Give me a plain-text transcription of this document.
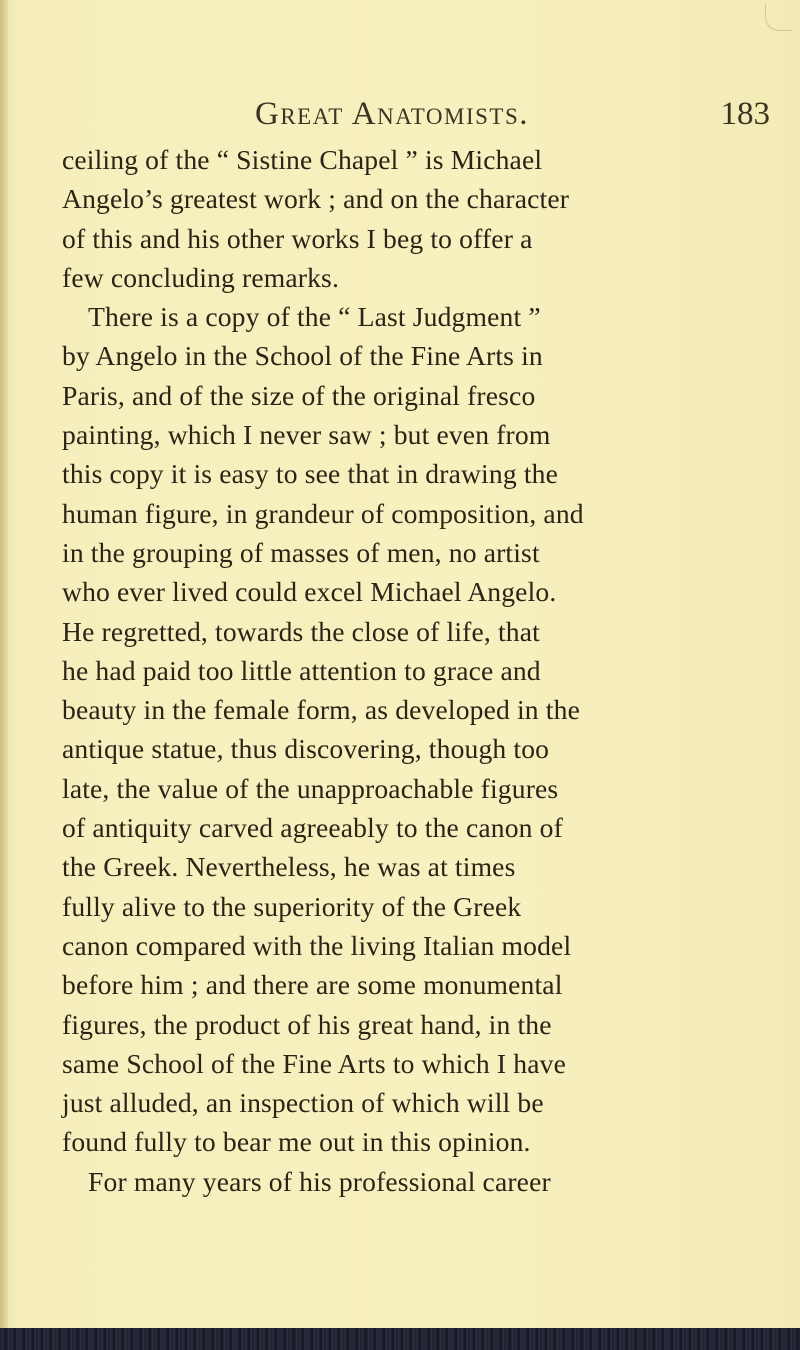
Great Anatomists.	183
ceiling of the “ Sistine Chapel ” is Michael
Angelo’s greatest work ; and on the character
of this and his other works I beg to offer a
few concluding remarks.
There is a copy of the “ Last Judgment ”
by Angelo in the School of the Fine Arts in
Paris, and of the size of the original fresco
painting, which I never saw ; but even from
this copy it is easy to see that in drawing the
human figure, in grandeur of composition, and
in the grouping of masses of men, no artist
who ever lived could excel Michael Angelo.
He regretted, towards the close of life, that
he had paid too little attention to grace and
beauty in the female form, as developed in the
antique statue, thus discovering, though too
late, the value of the unapproachable figures
of antiquity carved agreeably to the canon of
the Greek. Nevertheless, he was at times
fully alive to the superiority of the Greek
canon compared with the living Italian model
before him ; and there are some monumental
figures, the product of his great hand, in the
same School of the Fine Arts to which I have
just alluded, an inspection of which will be
found fully to bear me out in this opinion.
For many years of his professional career
